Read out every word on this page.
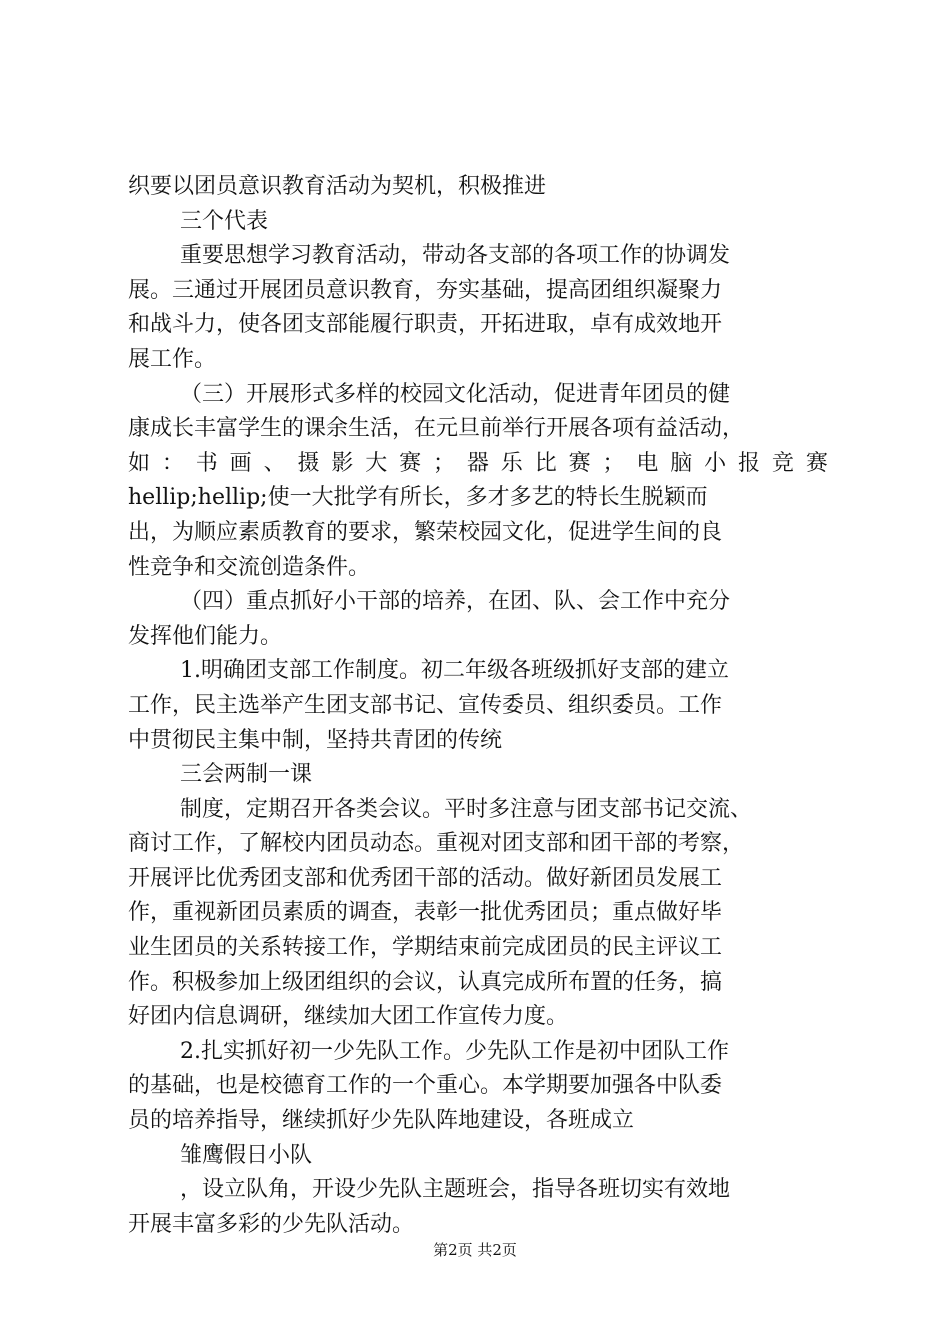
织要以团员意识教育活动为契机，积极推进
三个代表
重要思想学习教育活动，带动各支部的各项工作的协调发
展。三通过开展团员意识教育，夯实基础，提高团组织凝聚力
和战斗力，使各团支部能履行职责，开拓进取，卓有成效地开
展工作。
（三）开展形式多样的校园文化活动，促进青年团员的健
康成长丰富学生的课余生活，在元旦前举行开展各项有益活动，
如 ： 书 画 、 摄 影 大 赛 ； 器 乐 比 赛 ； 电 脑 小 报 竞 赛
hellip;hellip;使一大批学有所长，多才多艺的特长生脱颖而
出，为顺应素质教育的要求，繁荣校园文化，促进学生间的良
性竞争和交流创造条件。
（四）重点抓好小干部的培养，在团、队、会工作中充分
发挥他们能力。
1.明确团支部工作制度。初二年级各班级抓好支部的建立
工作，民主选举产生团支部书记、宣传委员、组织委员。工作
中贯彻民主集中制，坚持共青团的传统
三会两制一课
制度，定期召开各类会议。平时多注意与团支部书记交流、
商讨工作，了解校内团员动态。重视对团支部和团干部的考察，
开展评比优秀团支部和优秀团干部的活动。做好新团员发展工
作，重视新团员素质的调查，表彰一批优秀团员；重点做好毕
业生团员的关系转接工作，学期结束前完成团员的民主评议工
作。积极参加上级团组织的会议，认真完成所布置的任务，搞
好团内信息调研，继续加大团工作宣传力度。
2.扎实抓好初一少先队工作。少先队工作是初中团队工作
的基础，也是校德育工作的一个重心。本学期要加强各中队委
员的培养指导，继续抓好少先队阵地建设，各班成立
雏鹰假日小队
，设立队角，开设少先队主题班会，指导各班切实有效地
开展丰富多彩的少先队活动。
第2页 共2页
